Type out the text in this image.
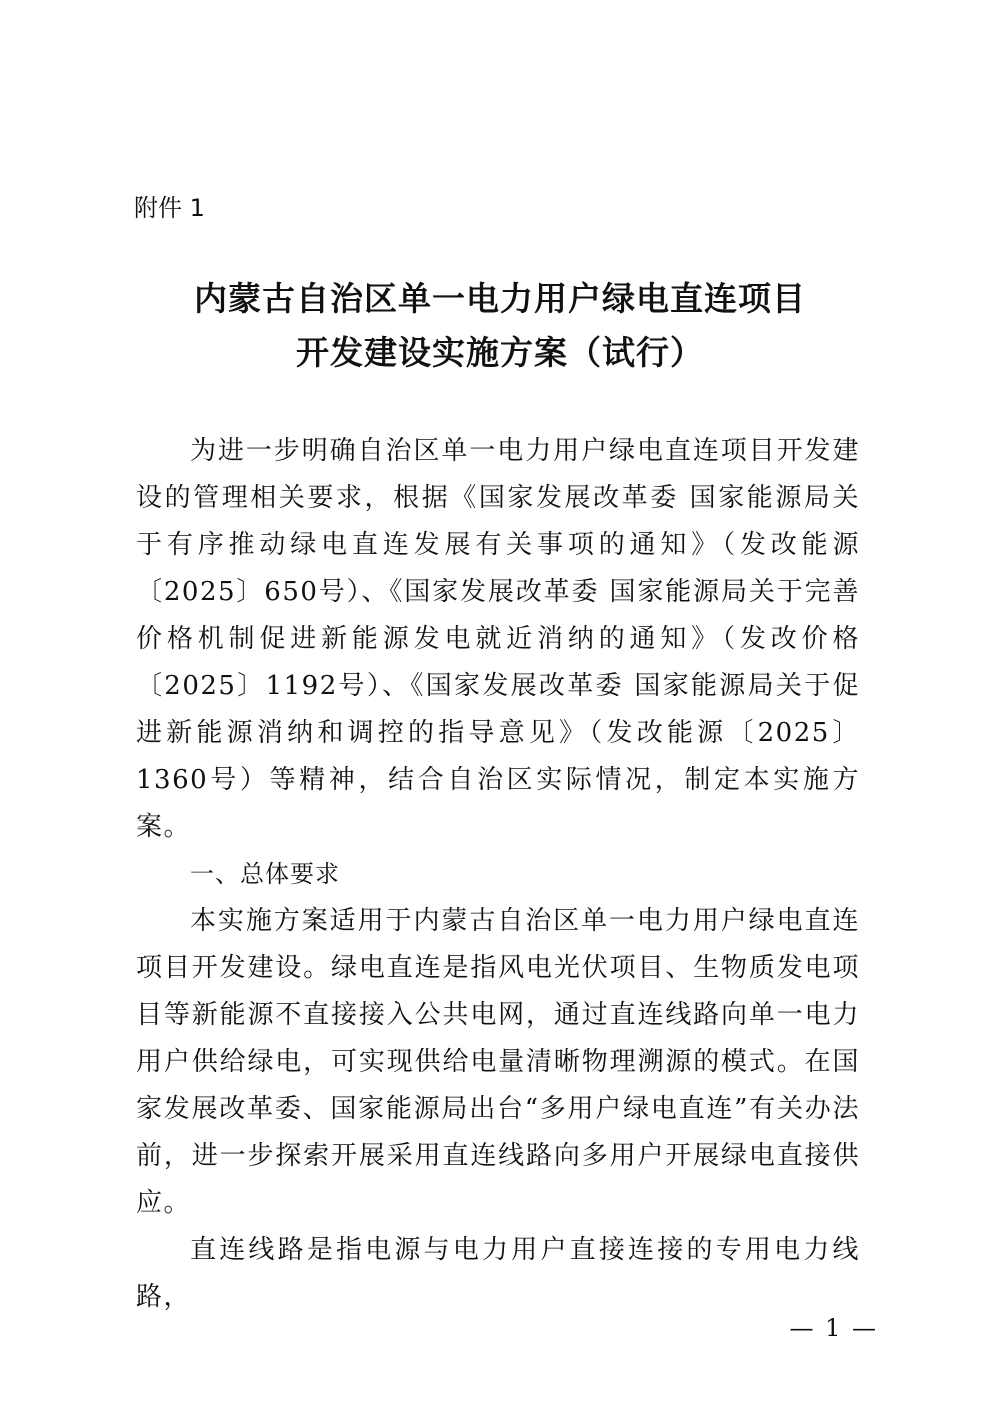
附件 1
内蒙古自治区单一电力用户绿电直连项目
开发建设实施方案（试行）

为进一步明确自治区单一电力用户绿电直连项目开发建设的管理相关要求，根据《国家发展改革委 国家能源局关于有序推动绿电直连发展有关事项的通知》（发改能源〔2025〕650号）、《国家发展改革委 国家能源局关于完善价格机制促进新能源发电就近消纳的通知》（发改价格〔2025〕1192号）、《国家发展改革委 国家能源局关于促进新能源消纳和调控的指导意见》（发改能源〔2025〕1360号）等精神，结合自治区实际情况，制定本实施方案。

一、总体要求

本实施方案适用于内蒙古自治区单一电力用户绿电直连项目开发建设。绿电直连是指风电光伏项目、生物质发电项目等新能源不直接接入公共电网，通过直连线路向单一电力用户供给绿电，可实现供给电量清晰物理溯源的模式。在国家发展改革委、国家能源局出台“多用户绿电直连”有关办法前，进一步探索开展采用直连线路向多用户开展绿电直接供应。

直连线路是指电源与电力用户直接连接的专用电力线路，

— 1 —
